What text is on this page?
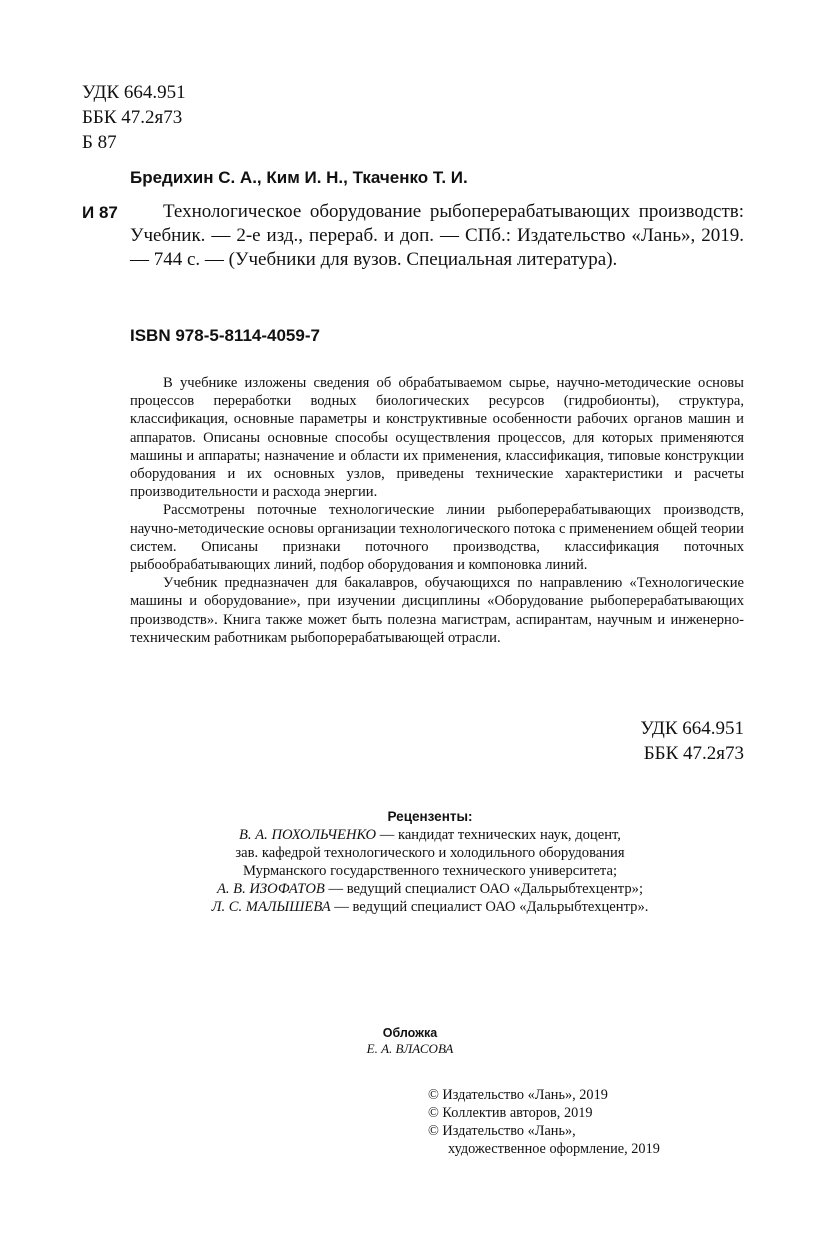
УДК 664.951
ББК 47.2я73
Б 87
Бредихин С. А., Ким И. Н., Ткаченко Т. И.
И 87	Технологическое оборудование рыбоперерабатывающих производств: Учебник. — 2-е изд., перераб. и доп. — СПб.: Издательство «Лань», 2019. — 744 с. — (Учебники для вузов. Специальная литература).
ISBN 978-5-8114-4059-7

В учебнике изложены сведения об обрабатываемом сырье, научно-методические основы процессов переработки водных биологических ресурсов (гидробионты), структура, классификация, основные параметры и конструктивные особенности рабочих органов машин и аппаратов. Описаны основные способы осуществления процессов, для которых применяются машины и аппараты; назначение и области их применения, классификация, типовые конструкции оборудования и их основных узлов, приведены технические характеристики и расчеты производительности и расхода энергии.

Рассмотрены поточные технологические линии рыбоперерабатывающих производств, научно-методические основы организации технологического потока с применением общей теории систем. Описаны признаки поточного производства, классификация поточных рыбообрабатывающих линий, подбор оборудования и компоновка линий.

Учебник предназначен для бакалавров, обучающихся по направлению «Технологические машины и оборудование», при изучении дисциплины «Оборудование рыбоперерабатывающих производств». Книга также может быть полезна магистрам, аспирантам, научным и инженерно-техническим работникам рыбопорерабатывающей отрасли.

УДК 664.951
ББК 47.2я73
Рецензенты:
В. А. ПОХОЛЬЧЕНКО — кандидат технических наук, доцент,
зав. кафедрой технологического и холодильного оборудования
Мурманского государственного технического университета;
А. В. ИЗОФАТОВ — ведущий специалист ОАО «Дальрыбтехцентр»;
Л. С. МАЛЫШЕВА — ведущий специалист ОАО «Дальрыбтехцентр».
Обложка
Е. А. ВЛАСОВА
© Издательство «Лань», 2019
© Коллектив авторов, 2019
© Издательство «Лань»,
художественное оформление, 2019
